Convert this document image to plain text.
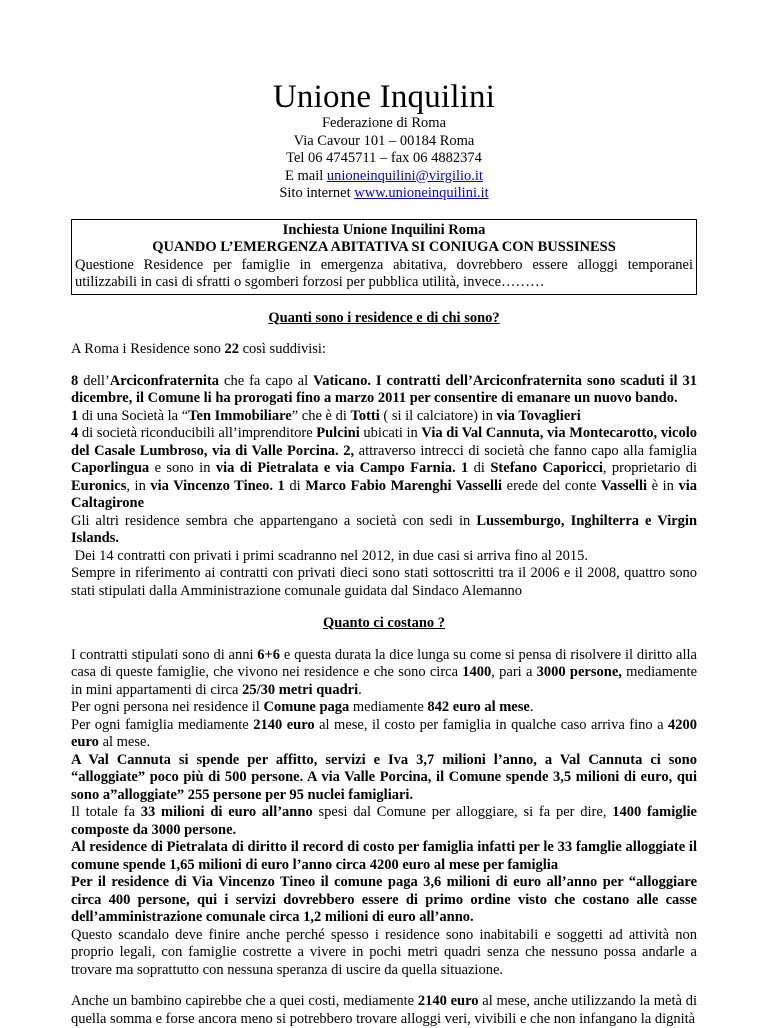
Unione Inquilini
Federazione di Roma
Via Cavour 101 – 00184 Roma
Tel 06 4745711 – fax 06 4882374
E mail unioneinquilini@virgilio.it
Sito internet www.unioneinquilini.it
Inchiesta Unione Inquilini Roma
QUANDO L’EMERGENZA ABITATIVA SI CONIUGA CON BUSSINESS
Questione Residence per famiglie in emergenza abitativa, dovrebbero essere alloggi temporanei utilizzabili in casi di sfratti o sgomberi forzosi per pubblica utilità, invece………
Quanti sono i residence e di chi sono?

A Roma i Residence sono 22 così suddivisi:

8 dell’Arciconfraternita che fa capo al Vaticano. I contratti dell’Arciconfraternita sono scaduti il 31 dicembre, il Comune li ha prorogati fino a marzo 2011 per consentire di emanare un nuovo bando.
1 di una Società la “Ten Immobiliare” che è di Totti ( si il calciatore) in via Tovaglieri
4 di società riconducibili all’imprenditore Pulcini ubicati in Via di Val Cannuta, via Montecarotto, vicolo del Casale Lumbroso, via di Valle Porcina. 2, attraverso intrecci di società che fanno capo alla famiglia Caporlingua e sono in via di Pietralata e via Campo Farnia. 1 di Stefano Caporicci, proprietario di Euronics, in via Vincenzo Tineo. 1 di Marco Fabio Marenghi Vasselli erede del conte Vasselli è in via Caltagirone
Gli altri residence sembra che appartengano a società con sedi in Lussemburgo, Inghilterra e Virgin Islands.
Dei 14 contratti con privati i primi scadranno nel 2012, in due casi si arriva fino al 2015.
Sempre in riferimento ai contratti con privati dieci sono stati sottoscritti tra il 2006 e il 2008, quattro sono stati stipulati dalla Amministrazione comunale guidata dal Sindaco Alemanno

Quanto ci costano ?

I contratti stipulati sono di anni 6+6 e questa durata la dice lunga su come si pensa di risolvere il diritto alla casa di queste famiglie, che vivono nei residence e che sono circa 1400, pari a 3000 persone, mediamente in mini appartamenti di circa 25/30 metri quadri.
Per ogni persona nei residence il Comune paga mediamente 842 euro al mese.
Per ogni famiglia mediamente 2140 euro al mese, il costo per famiglia in qualche caso arriva fino a 4200 euro al mese.
A Val Cannuta si spende per affitto, servizi e Iva 3,7 milioni l’anno, a Val Cannuta ci sono “alloggiate” poco più di 500 persone. A via Valle Porcina, il Comune spende 3,5 milioni di euro, qui sono a”alloggiate” 255 persone per 95 nuclei famigliari.
Il totale fa 33 milioni di euro all’anno spesi dal Comune per alloggiare, si fa per dire, 1400 famiglie composte da 3000 persone.
Al residence di Pietralata di diritto il record di costo per famiglia infatti per le 33 famglie alloggiate il comune spende 1,65 milioni di euro l’anno circa 4200 euro al mese per famiglia
Per il residence di Via Vincenzo Tineo il comune paga 3,6 milioni di euro all’anno per “alloggiare circa 400 persone, qui i servizi dovrebbero essere di primo ordine visto che costano alle casse dell’amministrazione comunale circa 1,2 milioni di euro all’anno.
Questo scandalo deve finire anche perché spesso i residence sono inabitabili e soggetti ad attività non proprio legali, con famiglie costrette a vivere in pochi metri quadri senza che nessuno possa andarle a trovare ma soprattutto con nessuna speranza di uscire da quella situazione.

Anche un bambino capirebbe che a quei costi, mediamente 2140 euro al mese, anche utilizzando la metà di quella somma e forse ancora meno si potrebbero trovare alloggi veri, vivibili e che non infangano la dignità
